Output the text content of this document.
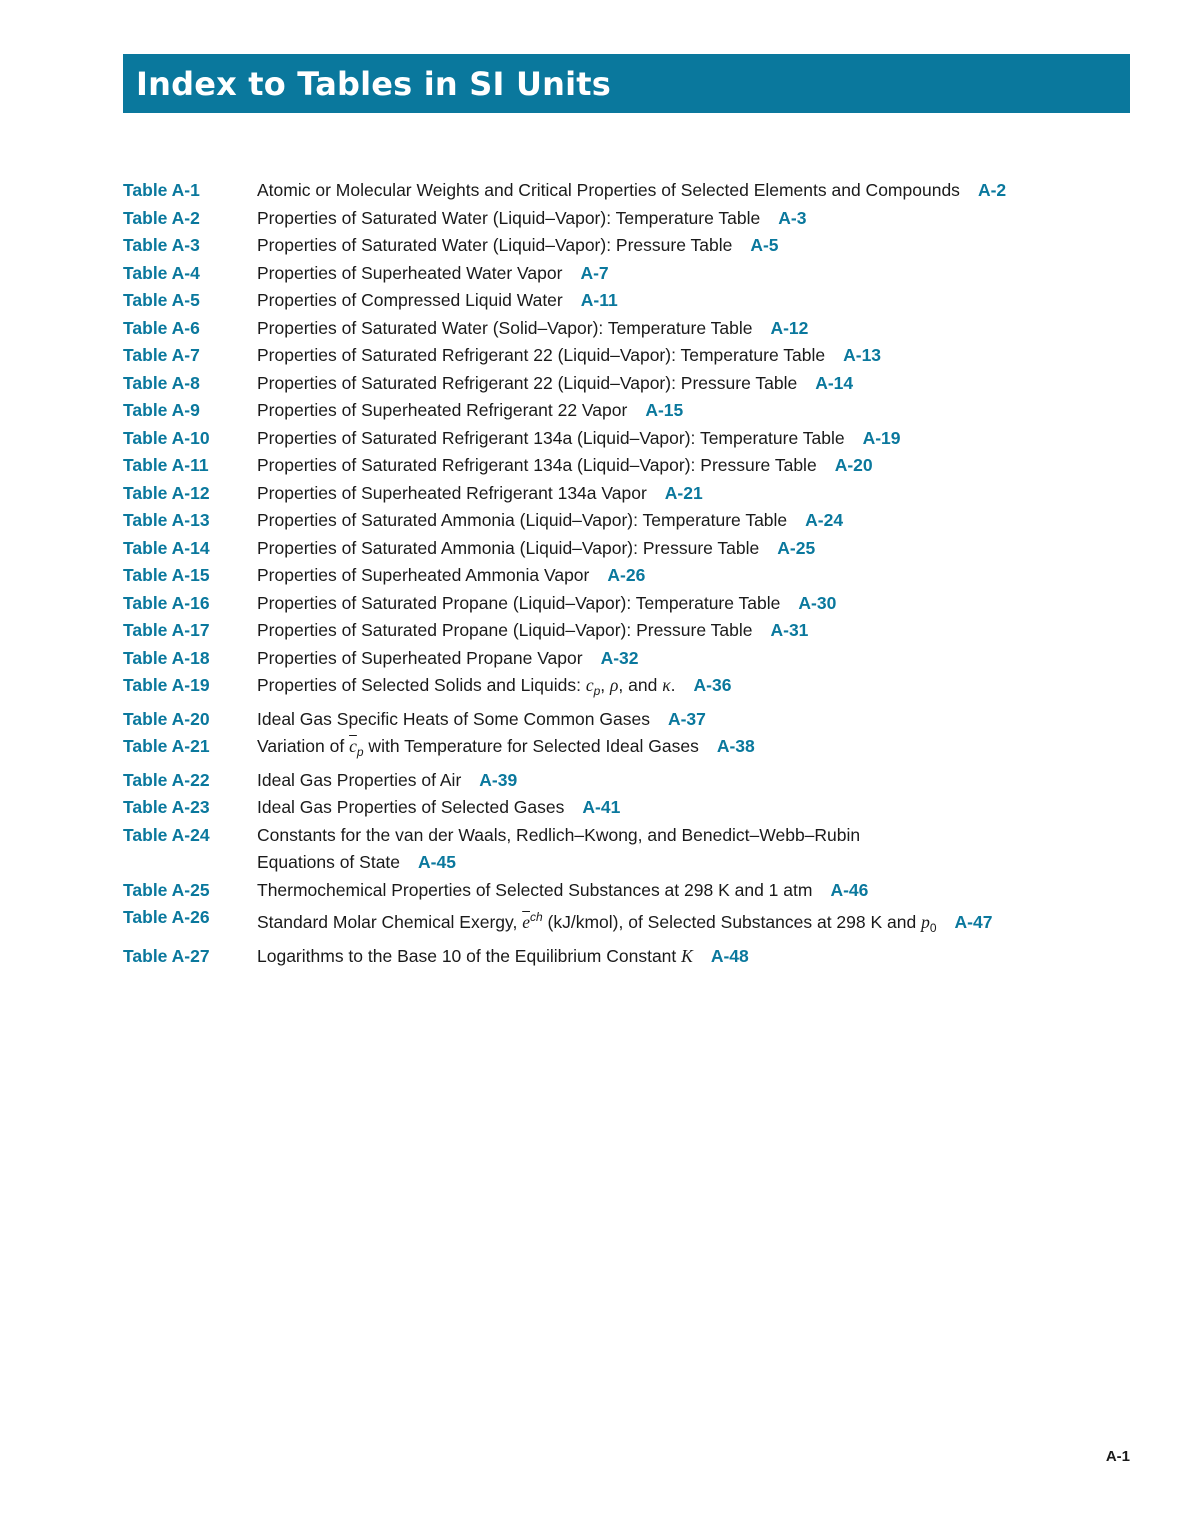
Index to Tables in SI Units
Table A-1	Atomic or Molecular Weights and Critical Properties of Selected Elements and Compounds A-2
Table A-2	Properties of Saturated Water (Liquid–Vapor): Temperature Table A-3
Table A-3	Properties of Saturated Water (Liquid–Vapor): Pressure Table A-5
Table A-4	Properties of Superheated Water Vapor A-7
Table A-5	Properties of Compressed Liquid Water A-11
Table A-6	Properties of Saturated Water (Solid–Vapor): Temperature Table A-12
Table A-7	Properties of Saturated Refrigerant 22 (Liquid–Vapor): Temperature Table A-13
Table A-8	Properties of Saturated Refrigerant 22 (Liquid–Vapor): Pressure Table A-14
Table A-9	Properties of Superheated Refrigerant 22 Vapor A-15
Table A-10	Properties of Saturated Refrigerant 134a (Liquid–Vapor): Temperature Table A-19
Table A-11	Properties of Saturated Refrigerant 134a (Liquid–Vapor): Pressure Table A-20
Table A-12	Properties of Superheated Refrigerant 134a Vapor A-21
Table A-13	Properties of Saturated Ammonia (Liquid–Vapor): Temperature Table A-24
Table A-14	Properties of Saturated Ammonia (Liquid–Vapor): Pressure Table A-25
Table A-15	Properties of Superheated Ammonia Vapor A-26
Table A-16	Properties of Saturated Propane (Liquid–Vapor): Temperature Table A-30
Table A-17	Properties of Saturated Propane (Liquid–Vapor): Pressure Table A-31
Table A-18	Properties of Superheated Propane Vapor A-32
Table A-19	Properties of Selected Solids and Liquids: $c_p$, ρ, and κ. A-36
Table A-20	Ideal Gas Specific Heats of Some Common Gases A-37
Table A-21	Variation of $\overline{c}_p$ with Temperature for Selected Ideal Gases A-38
Table A-22	Ideal Gas Properties of Air A-39
Table A-23	Ideal Gas Properties of Selected Gases A-41
Table A-24	Constants for the van der Waals, Redlich–Kwong, and Benedict–Webb–Rubin
Equations of State A-45
Table A-25	Thermochemical Properties of Selected Substances at 298 K and 1 atm A-46
Table A-26	Standard Molar Chemical Exergy, $\overline{e}^{ch}$ (kJ/kmol), of Selected Substances at 298 K and $p_0$ A-47
Table A-27	Logarithms to the Base 10 of the Equilibrium Constant K A-48
A-1
